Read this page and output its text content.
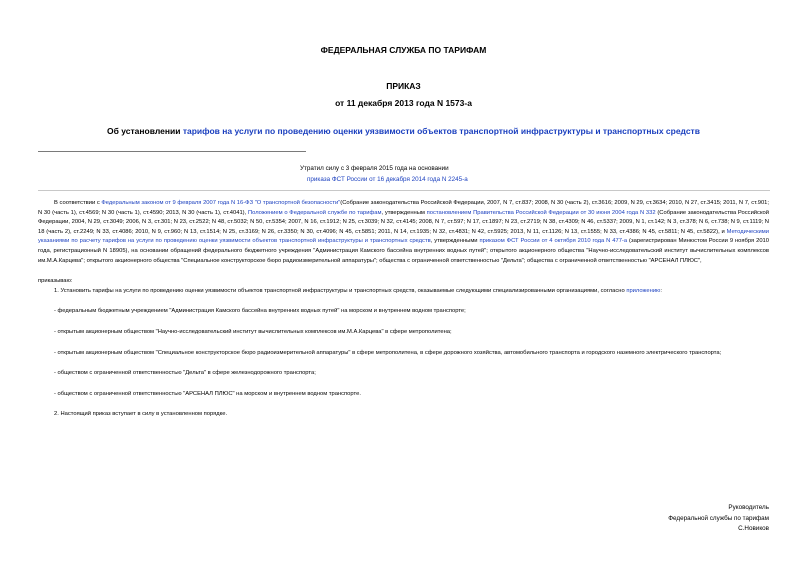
ФЕДЕРАЛЬНАЯ СЛУЖБА ПО ТАРИФАМ
ПРИКАЗ
от 11 декабря 2013 года N 1573-а
Об установлении тарифов на услуги по проведению оценки уязвимости объектов транспортной инфраструктуры и транспортных средств
Утратил силу с 3 февраля 2015 года на основании
приказа ФСТ России от 16 декабря 2014 года N 2245-а

В соответствии с Федеральным законом от 9 февраля 2007 года N 16-ФЗ "О транспортной безопасности"(Собрание законодательства Российской Федерации, 2007, N 7, ст.837; 2008, N 30 (часть 2), ст.3616; 2009, N 29, ст.3634; 2010, N 27, ст.3415; 2011, N 7, ст.901; N 30 (часть 1), ст.4569; N 30 (часть 1), ст.4590; 2013, N 30 (часть 1), ст.4041), Положением о Федеральной службе по тарифам, утвержденным постановлением Правительства Российской Федерации от 30 июня 2004 года N 332 (Собрание законодательства Российской Федерации, 2004, N 29, ст.3049; 2006, N 3, ст.301; N 23, ст.2522; N 48, ст.5032; N 50, ст.5354; 2007, N 16, ст.1912; N 25, ст.3039; N 32, ст.4145; 2008, N 7, ст.597; N 17, ст.1897; N 23, ст.2719; N 38, ст.4309; N 46, ст.5337; 2009, N 1, ст.142; N 3, ст.378; N 6, ст.738; N 9, ст.1119; N 18 (часть 2), ст.2249; N 33, ст.4086; 2010, N 9, ст.960; N 13, ст.1514; N 25, ст.3169; N 26, ст.3350; N 30, ст.4096; N 45, ст.5851; 2011, N 14, ст.1935; N 32, ст.4831; N 42, ст.5925; 2013, N 11, ст.1126; N 13, ст.1555; N 33, ст.4386; N 45, ст.5811; N 45, ст.5822), и Методическими указаниями по расчету тарифов на услуги по проведению оценки уязвимости объектов транспортной инфраструктуры и транспортных средств, утвержденными приказом ФСТ России от 4 октября 2010 года N 477-а (зарегистрирован Минюстом России 9 ноября 2010 года, регистрационный N 18905), на основании обращений федерального бюджетного учреждения "Администрация Камского бассейна внутренних водных путей"; открытого акционерного общества "Научно-исследовательский институт вычислительных комплексов им.М.А.Карцева"; открытого акционерного общества "Специальное конструкторское бюро радиоизмерительной аппаратуры"; общества с ограниченной ответственностью "Дельта"; общества с ограниченной ответственностью "АРСЕНАЛ ПЛЮС",

приказываю:

1. Установить тарифы на услуги по проведению оценки уязвимости объектов транспортной инфраструктуры и транспортных средств, оказываемые следующими специализированными организациями, согласно приложению:

- федеральным бюджетным учреждением "Администрация Камского бассейна внутренних водных путей" на морском и внутреннем водном транспорте;

- открытым акционерным обществом "Научно-исследовательский институт вычислительных комплексов им.М.А.Карцева" в сфере метрополитена;

- открытым акционерным обществом "Специальное конструкторское бюро радиоизмерительной аппаратуры" в сфере метрополитена, в сфере дорожного хозяйства, автомобильного транспорта и городского наземного электрического транспорта;

- обществом с ограниченной ответственностью "Дельта" в сфере железнодорожного транспорта;

- обществом с ограниченной ответственностью "АРСЕНАЛ ПЛЮС" на морском и внутреннем водном транспорте.

2. Настоящий приказ вступает в силу в установленном порядке.

Руководитель
Федеральной службы по тарифам
С.Новиков
